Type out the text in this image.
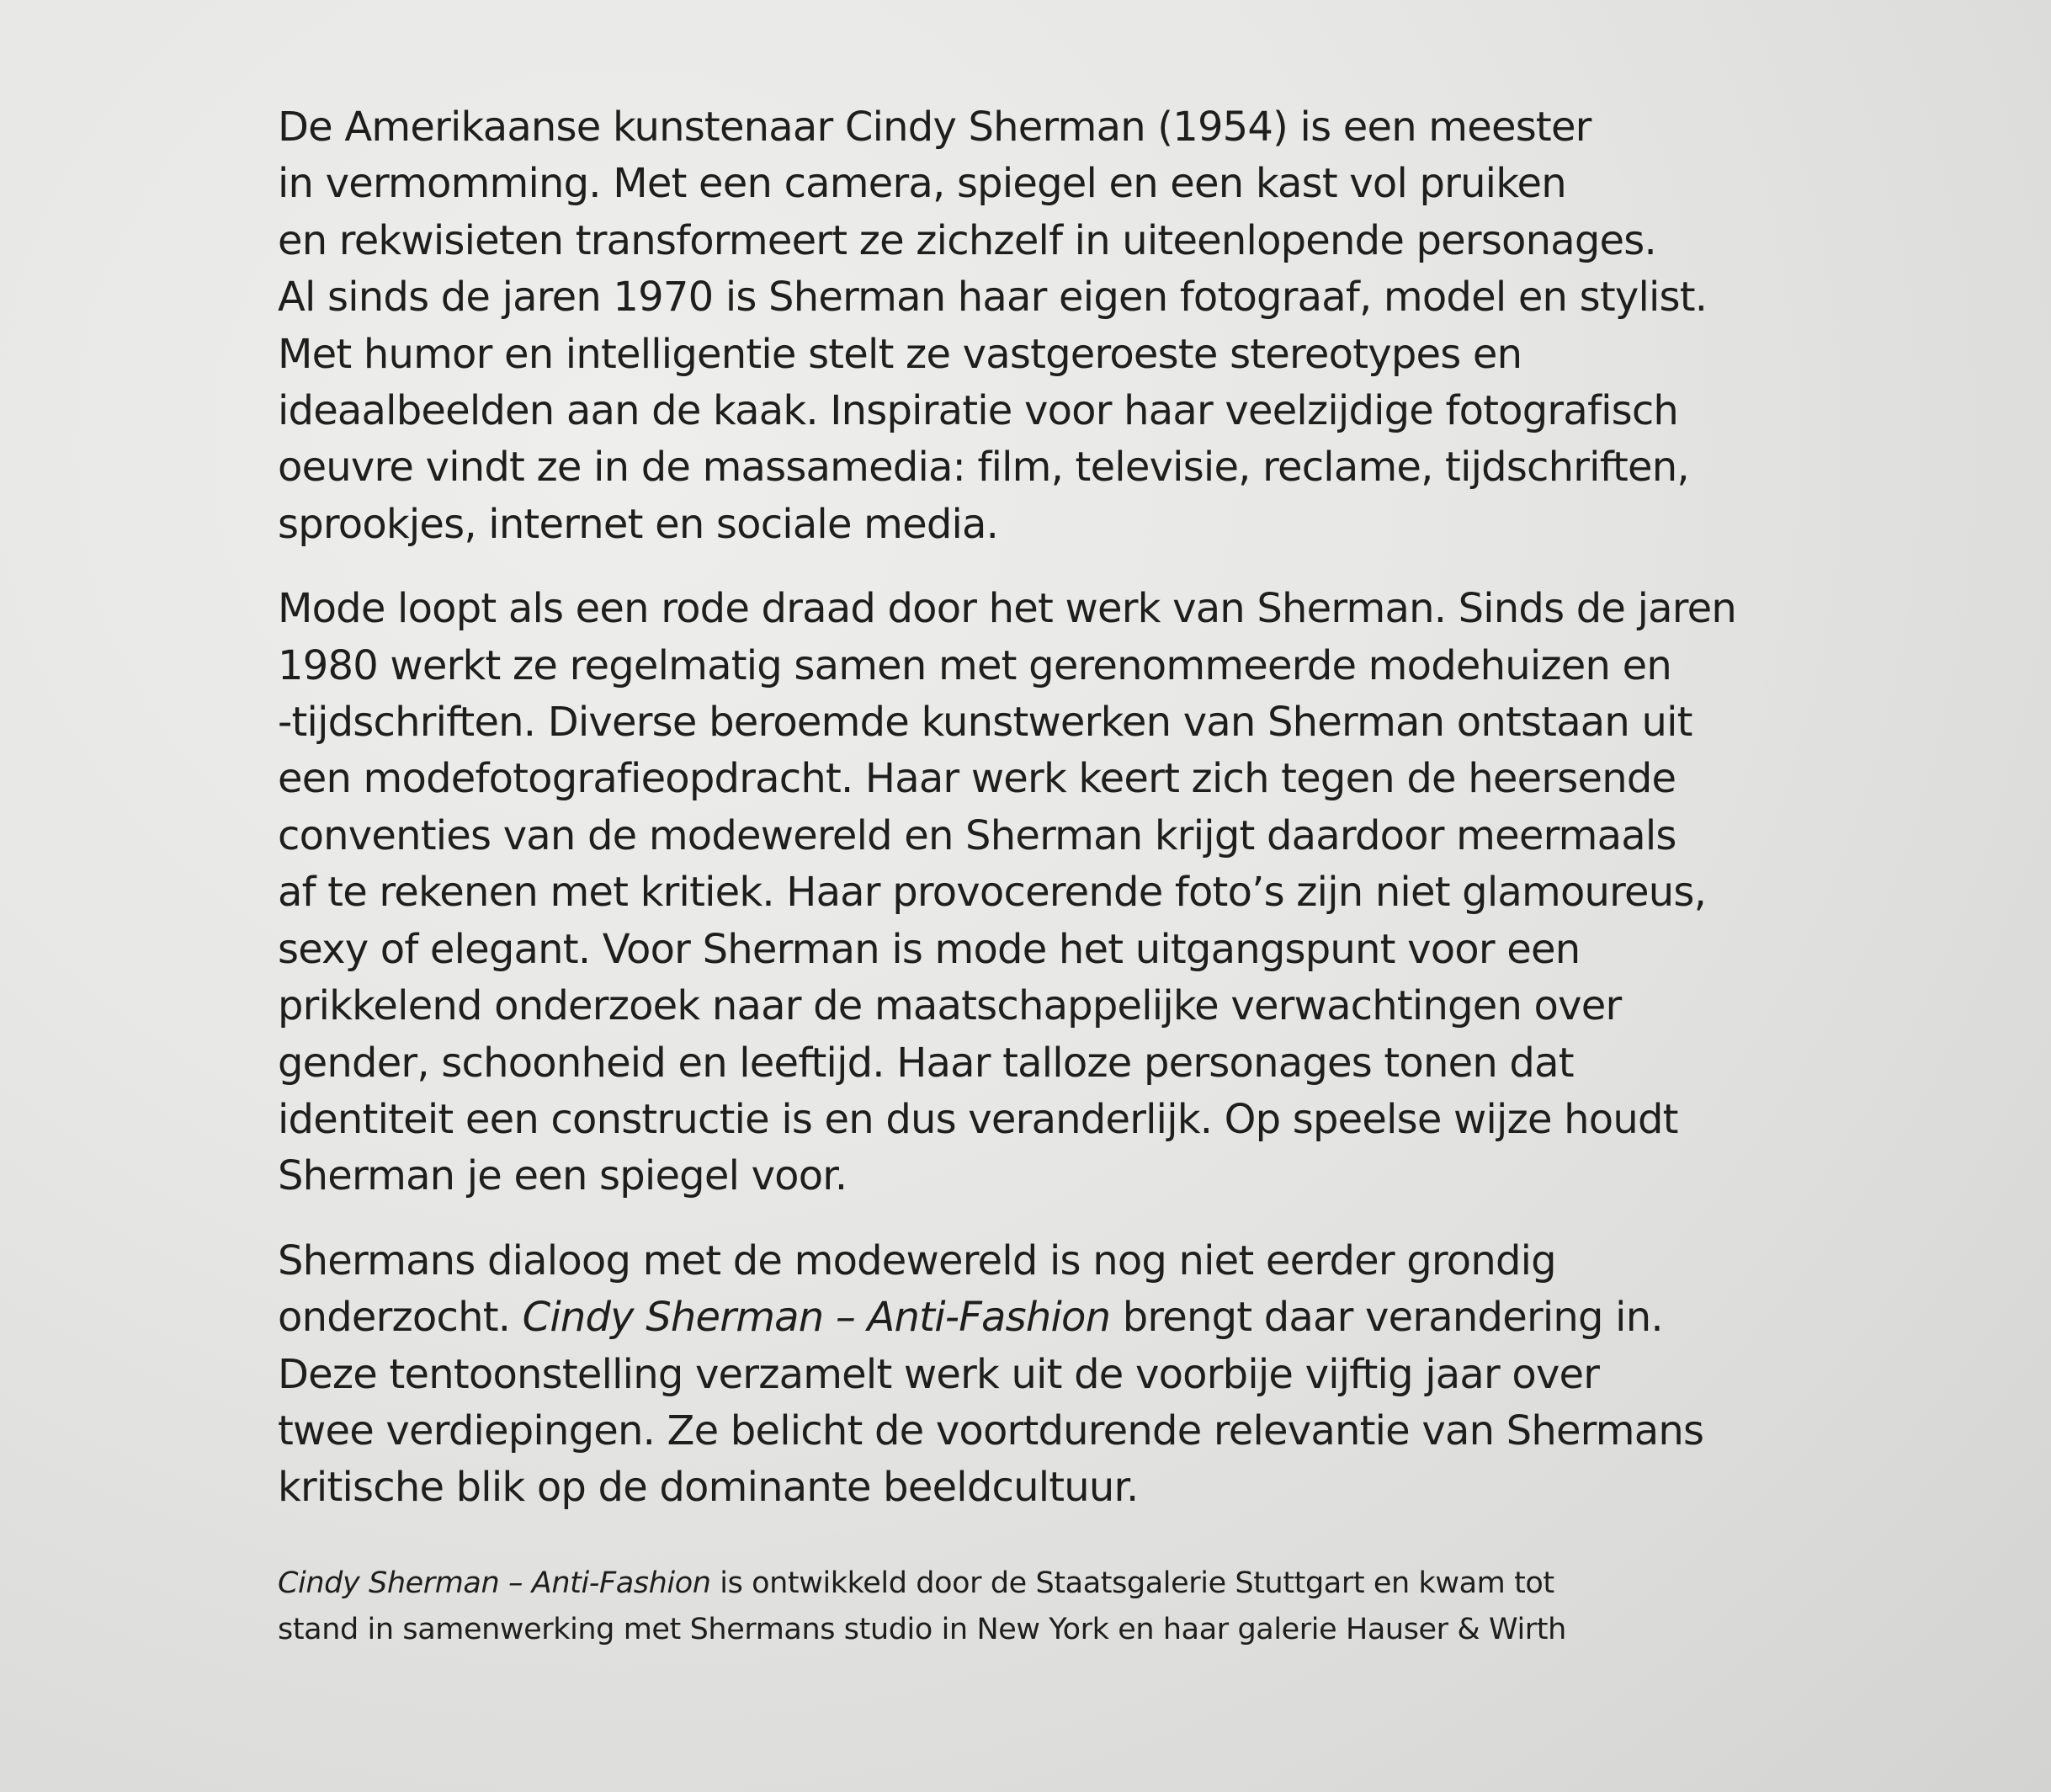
De Amerikaanse kunstenaar Cindy Sherman (1954) is een meester
in vermomming. Met een camera, spiegel en een kast vol pruiken
en rekwisieten transformeert ze zichzelf in uiteenlopende personages.
Al sinds de jaren 1970 is Sherman haar eigen fotograaf, model en stylist.
Met humor en intelligentie stelt ze vastgeroeste stereotypes en
ideaalbeelden aan de kaak. Inspiratie voor haar veelzijdige fotografisch
oeuvre vindt ze in de massamedia: film, televisie, reclame, tijdschriften,
sprookjes, internet en sociale media.
Mode loopt als een rode draad door het werk van Sherman. Sinds de jaren
1980 werkt ze regelmatig samen met gerenommeerde modehuizen en
-tijdschriften. Diverse beroemde kunstwerken van Sherman ontstaan uit
een modefotografieopdracht. Haar werk keert zich tegen de heersende
conventies van de modewereld en Sherman krijgt daardoor meermaals
af te rekenen met kritiek. Haar provocerende foto’s zijn niet glamoureus,
sexy of elegant. Voor Sherman is mode het uitgangspunt voor een
prikkelend onderzoek naar de maatschappelijke verwachtingen over
gender, schoonheid en leeftijd. Haar talloze personages tonen dat
identiteit een constructie is en dus veranderlijk. Op speelse wijze houdt
Sherman je een spiegel voor.
Shermans dialoog met de modewereld is nog niet eerder grondig
onderzocht. Cindy Sherman – Anti-Fashion brengt daar verandering in.
Deze tentoonstelling verzamelt werk uit de voorbije vijftig jaar over
twee verdiepingen. Ze belicht de voortdurende relevantie van Shermans
kritische blik op de dominante beeldcultuur.
Cindy Sherman – Anti-Fashion is ontwikkeld door de Staatsgalerie Stuttgart en kwam tot
stand in samenwerking met Shermans studio in New York en haar galerie Hauser & Wirth
